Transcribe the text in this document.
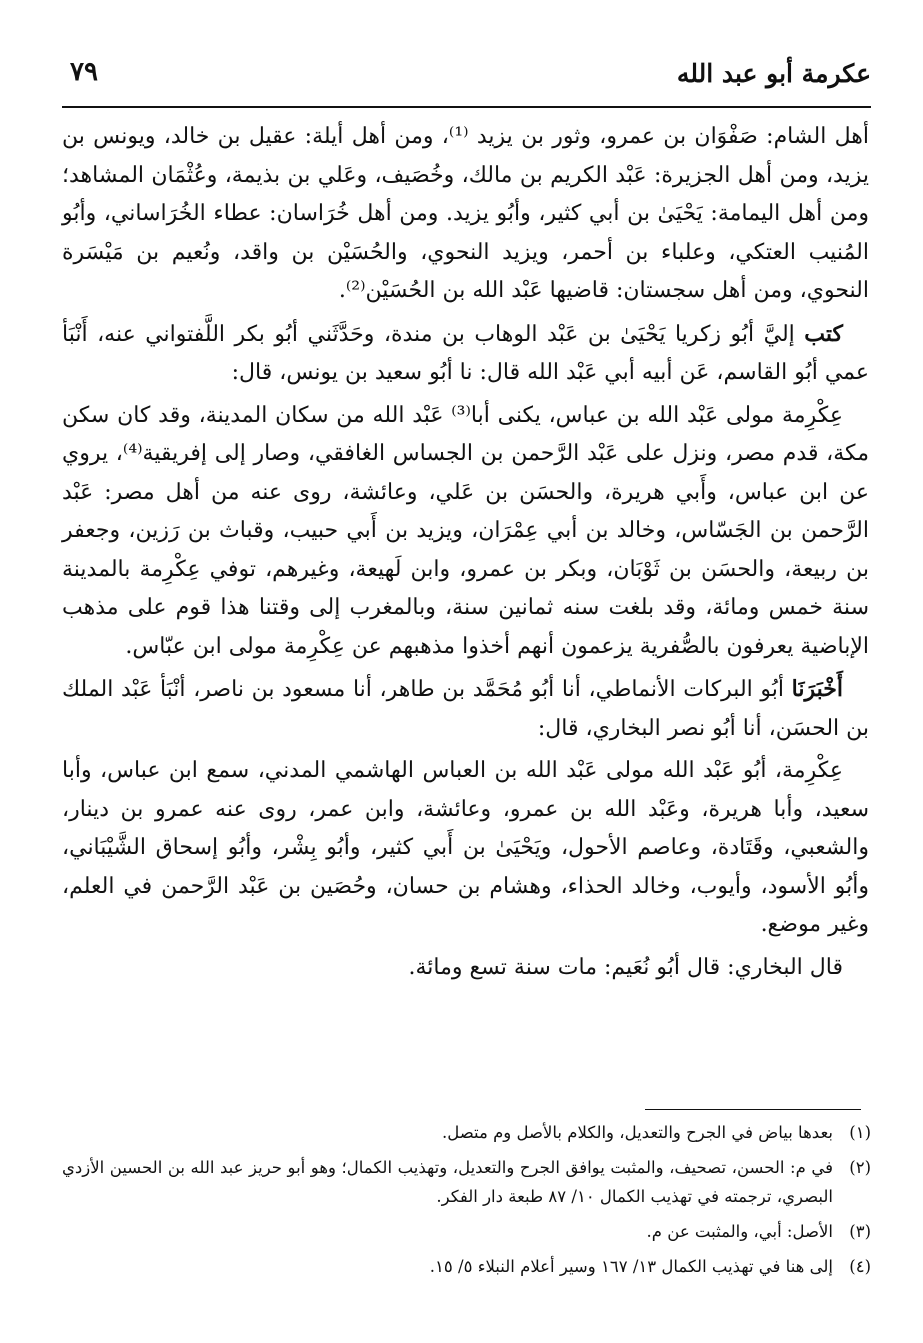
عكرمة أبو عبد الله
٧٩

أهل الشام: صَفْوَان بن عمرو، وثور بن يزيد ⁽¹⁾، ومن أهل أيلة: عقيل بن خالد، ويونس بن يزيد، ومن أهل الجزيرة: عَبْد الكريم بن مالك، وخُصَيف، وعَلي بن بذيمة، وعُثْمَان المشاهد؛ ومن أهل اليمامة: يَحْيَىٰ بن أبي كثير، وأبُو يزيد. ومن أهل خُرَاسان: عطاء الخُرَاساني، وأبُو المُنيب العتكي، وعلباء بن أحمر، ويزيد النحوي، والحُسَيْن بن واقد، ونُعيم بن مَيْسَرة النحوي، ومن أهل سجستان: قاضيها عَبْد الله بن الحُسَيْن⁽²⁾.

كتب إليَّ أبُو زكريا يَحْيَىٰ بن عَبْد الوهاب بن مندة، وحَدَّثَني أبُو بكر اللَّفتواني عنه، أَنْبَأ عمي أبُو القاسم، عَن أبيه أبي عَبْد الله قال: نا أبُو سعيد بن يونس، قال:

عِكْرِمة مولى عَبْد الله بن عباس، يكنى أبا⁽³⁾ عَبْد الله من سكان المدينة، وقد كان سكن مكة، قدم مصر، ونزل على عَبْد الرَّحمن بن الجساس الغافقي، وصار إلى إفريقية⁽⁴⁾، يروي عن ابن عباس، وأَبي هريرة، والحسَن بن عَلي، وعائشة، روى عنه من أهل مصر: عَبْد الرَّحمن بن الجَسّاس، وخالد بن أبي عِمْرَان، ويزيد بن أَبي حبيب، وقباث بن رَزين، وجعفر بن ربيعة، والحسَن بن ثَوْبَان، وبكر بن عمرو، وابن لَهيعة، وغيرهم، توفي عِكْرِمة بالمدينة سنة خمس ومائة، وقد بلغت سنه ثمانين سنة، وبالمغرب إلى وقتنا هذا قوم على مذهب الإباضية يعرفون بالصُّفرية يزعمون أنهم أخذوا مذهبهم عن عِكْرِمة مولى ابن عبّاس.

أَخْبَرَنَا أبُو البركات الأنماطي، أنا أبُو مُحَمَّد بن طاهر، أنا مسعود بن ناصر، أنْبَأ عَبْد الملك بن الحسَن، أنا أبُو نصر البخاري، قال:

عِكْرِمة، أبُو عَبْد الله مولى عَبْد الله بن العباس الهاشمي المدني، سمع ابن عباس، وأبا سعيد، وأبا هريرة، وعَبْد الله بن عمرو، وعائشة، وابن عمر، روى عنه عمرو بن دينار، والشعبي، وقَتَادة، وعاصم الأحول، ويَحْيَىٰ بن أَبي كثير، وأبُو بِشْر، وأبُو إسحاق الشَّيْبَاني، وأبُو الأسود، وأيوب، وخالد الحذاء، وهشام بن حسان، وحُصَين بن عَبْد الرَّحمن في العلم، وغير موضع.

قال البخاري: قال أبُو نُعَيم: مات سنة تسع ومائة.

(١)
بعدها بياض في الجرح والتعديل، والكلام بالأصل وم متصل.
(٢)
في م: الحسن، تصحيف، والمثبت يوافق الجرح والتعديل، وتهذيب الكمال؛ وهو أبو حريز عبد الله بن الحسين الأزدي البصري، ترجمته في تهذيب الكمال ١٠/ ٨٧ طبعة دار الفكر.
(٣)
الأصل: أبي، والمثبت عن م.
(٤)
إلى هنا في تهذيب الكمال ١٣/ ١٦٧ وسير أعلام النبلاء ٥/ ١٥.
